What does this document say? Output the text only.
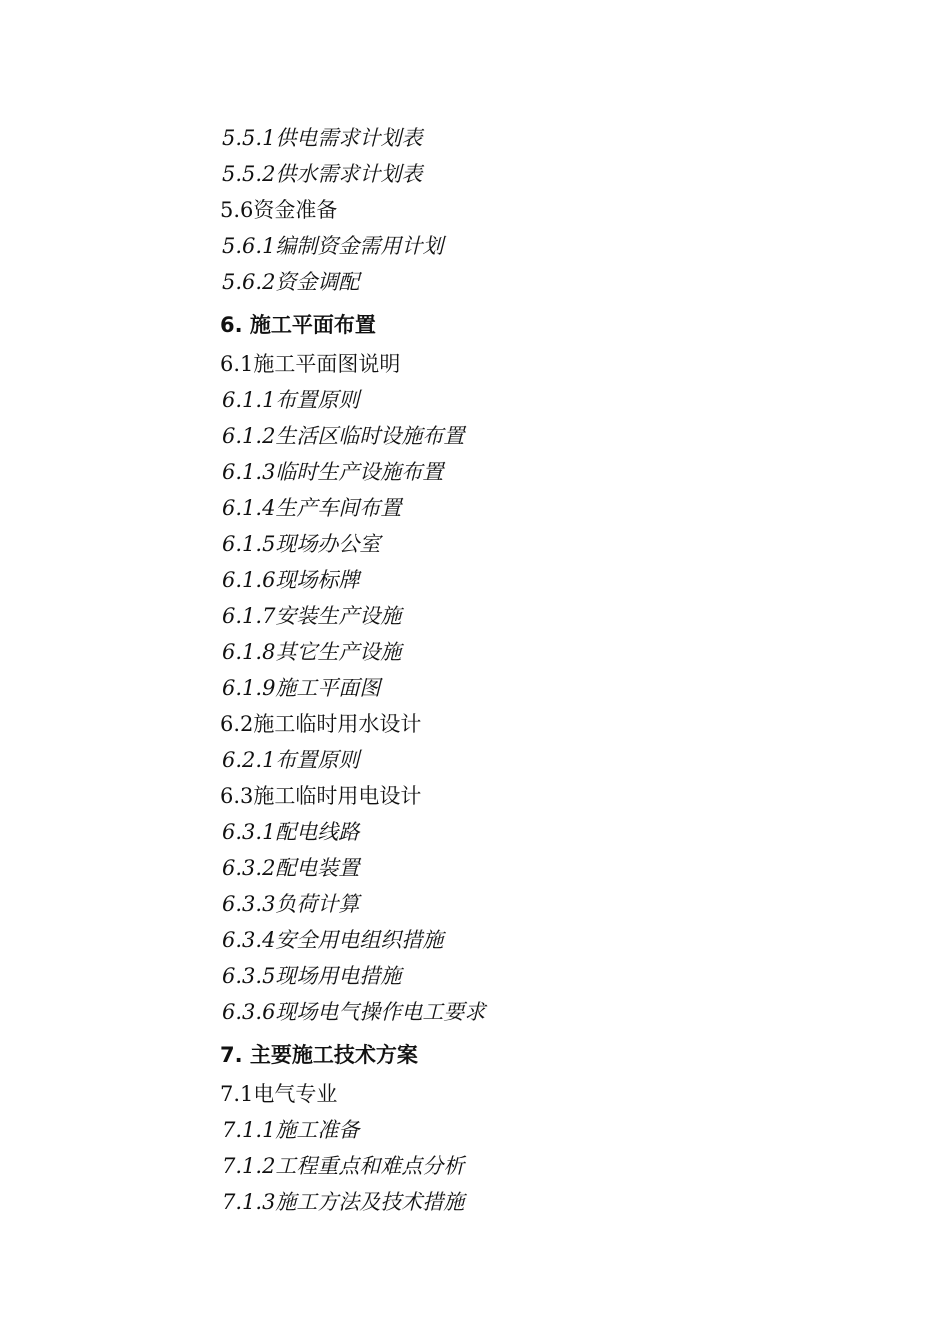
5.5.1供电需求计划表
5.5.2供水需求计划表
5.6资金准备
5.6.1编制资金需用计划
5.6.2资金调配
6. 施工平面布置
6.1施工平面图说明
6.1.1布置原则
6.1.2生活区临时设施布置
6.1.3临时生产设施布置
6.1.4生产车间布置
6.1.5现场办公室
6.1.6现场标牌
6.1.7安装生产设施
6.1.8其它生产设施
6.1.9施工平面图
6.2施工临时用水设计
6.2.1布置原则
6.3施工临时用电设计
6.3.1配电线路
6.3.2配电装置
6.3.3负荷计算
6.3.4安全用电组织措施
6.3.5现场用电措施
6.3.6现场电气操作电工要求
7. 主要施工技术方案
7.1电气专业
7.1.1施工准备
7.1.2工程重点和难点分析
7.1.3施工方法及技术措施
